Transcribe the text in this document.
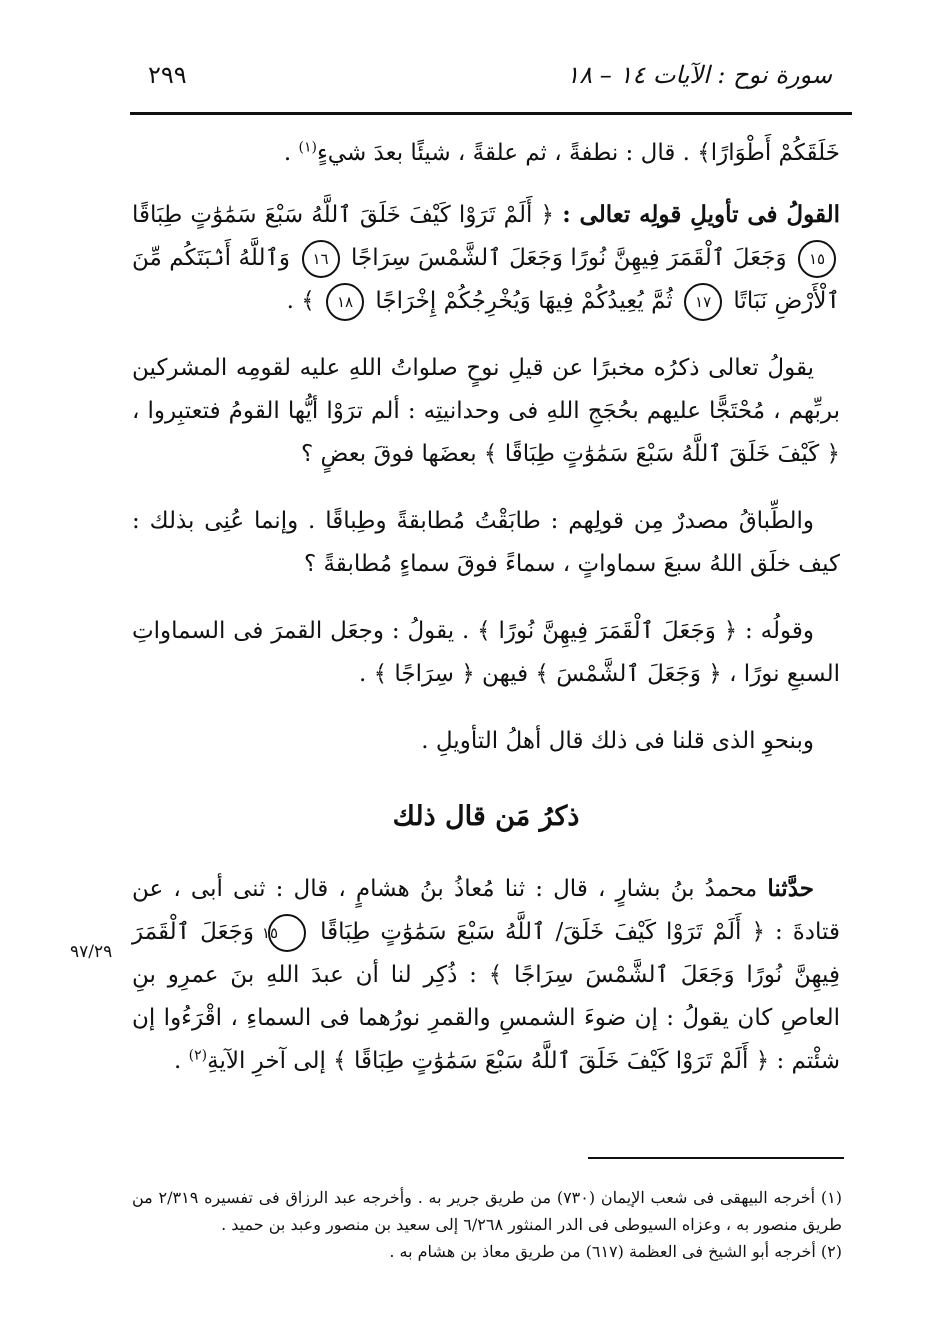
سورة نوح : الآيات ١٤ – ١٨
٢٩٩

خَلَقَكُمْ أَطْوَارًا﴾ . قال : نطفةً ، ثم علقةً ، شيئًا بعدَ شيءٍ$^{(١)}$ .

القولُ فى تأويلِ قولِه تعالى : ﴿ أَلَمْ تَرَوْا كَيْفَ خَلَقَ ٱللَّهُ سَبْعَ سَمَٰوَٰتٍ طِبَاقًا ١٥ وَجَعَلَ ٱلْقَمَرَ فِيهِنَّ نُورًا وَجَعَلَ ٱلشَّمْسَ سِرَاجًا ١٦ وَٱللَّهُ أَنۢبَتَكُم مِّنَ ٱلْأَرْضِ نَبَاتًا ١٧ ثُمَّ يُعِيدُكُمْ فِيهَا وَيُخْرِجُكُمْ إِخْرَاجًا ١٨ ﴾ .

يقولُ تعالى ذكرُه مخبرًا عن قيلِ نوحٍ صلواتُ اللهِ عليه لقومِه المشركين بربِّهم ، مُحْتَجًّا عليهم بحُجَجِ اللهِ فى وحدانيتِه : ألم ترَوْا أيُّها القومُ فتعتبِروا ، ﴿ كَيْفَ خَلَقَ ٱللَّهُ سَبْعَ سَمَٰوَٰتٍ طِبَاقًا ﴾ بعضَها فوقَ بعضٍ ؟

والطِّباقُ مصدرٌ مِن قولِهم : طابَقْتُ مُطابقةً وطِباقًا . وإنما عُنِى بذلك : كيف خلَق اللهُ سبعَ سماواتٍ ، سماءً فوقَ سماءٍ مُطابقةً ؟

وقولُه : ﴿ وَجَعَلَ ٱلْقَمَرَ فِيهِنَّ نُورًا ﴾ . يقولُ : وجعَل القمرَ فى السماواتِ السبعِ نورًا ، ﴿ وَجَعَلَ ٱلشَّمْسَ ﴾ فيهن ﴿ سِرَاجًا ﴾ .

وبنحوِ الذى قلنا فى ذلك قال أهلُ التأويلِ .

ذكرُ مَن قال ذلك

حدَّثنا محمدُ بنُ بشارٍ ، قال : ثنا مُعاذُ بنُ هشامٍ ، قال : ثنى أبى ، عن قتادةَ : ﴿ أَلَمْ تَرَوْا كَيْفَ خَلَقَ/ ٱللَّهُ سَبْعَ سَمَٰوَٰتٍ طِبَاقًا ١٥ وَجَعَلَ ٱلْقَمَرَ فِيهِنَّ نُورًا وَجَعَلَ ٱلشَّمْسَ سِرَاجًا ﴾ : ذُكِر لنا أن عبدَ اللهِ بنَ عمرِو بنِ العاصِ كان يقولُ : إن ضوءَ الشمسِ والقمرِ نورُهما فى السماءِ ، اقْرَءُوا إن شئْتم : ﴿ أَلَمْ تَرَوْا كَيْفَ خَلَقَ ٱللَّهُ سَبْعَ سَمَٰوَٰتٍ طِبَاقًا ﴾ إلى آخرِ الآيةِ$^{(٢)}$ .

٩٧/٢٩

(١) أخرجه البيهقى فى شعب الإيمان (٧٣٠) من طريق جرير به . وأخرجه عبد الرزاق فى تفسيره ٢/٣١٩ من طريق منصور به ، وعزاه السيوطى فى الدر المنثور ٦/٢٦٨ إلى سعيد بن منصور وعبد بن حميد .

(٢) أخرجه أبو الشيخ فى العظمة (٦١٧) من طريق معاذ بن هشام به .
